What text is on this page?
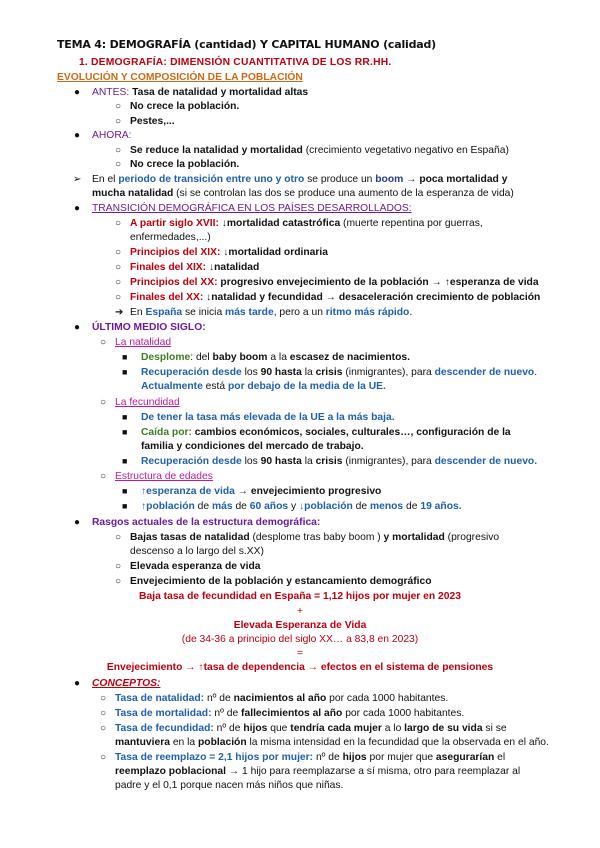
TEMA 4: DEMOGRAFÍA (cantidad) Y CAPITAL HUMANO (calidad)
1. DEMOGRAFÍA: DIMENSIÓN CUANTITATIVA DE LOS RR.HH.
EVOLUCIÓN Y COMPOSICIÓN DE LA POBLACIÓN
● ANTES: Tasa de natalidad y mortalidad altas
○ No crece la población.
○ Pestes,...
● AHORA:
○ Se reduce la natalidad y mortalidad (crecimiento vegetativo negativo en España)
○ No crece la población.
➢ En el periodo de transición entre uno y otro se produce un boom → poca mortalidad y
mucha natalidad (si se controlan las dos se produce una aumento de la esperanza de vida)
● TRANSICIÓN DEMOGRÁFICA EN LOS PAÍSES DESARROLLADOS:
○ A partir siglo XVII: ↓mortalidad catastrófica (muerte repentina por guerras,
enfermedades,...)
○ Principios del XIX: ↓mortalidad ordinaria
○ Finales del XIX: ↓natalidad
○ Principios del XX: progresivo envejecimiento de la población → ↑esperanza de vida
○ Finales del XX: ↓natalidad y fecundidad → desaceleración crecimiento de población
➔ En España se inicia más tarde, pero a un ritmo más rápido.
● ÚLTIMO MEDIO SIGLO:
○ La natalidad
■ Desplome: del baby boom a la escasez de nacimientos.
■ Recuperación desde los 90 hasta la crisis (inmigrantes), para descender de nuevo.
Actualmente está por debajo de la media de la UE.
○ La fecundidad
■ De tener la tasa más elevada de la UE a la más baja.
■ Caída por: cambios económicos, sociales, culturales…, configuración de la
familia y condiciones del mercado de trabajo.
■ Recuperación desde los 90 hasta la crisis (inmigrantes), para descender de nuevo.
○ Estructura de edades
■ ↑esperanza de vida → envejecimiento progresivo
■ ↑población de más de 60 años y ↓población de menos de 19 años.
● Rasgos actuales de la estructura demográfica:
○ Bajas tasas de natalidad (desplome tras baby boom ) y mortalidad (progresivo
descenso a lo largo del s.XX)
○ Elevada esperanza de vida
○ Envejecimiento de la población y estancamiento demográfico
Baja tasa de fecundidad en España = 1,12 hijos por mujer en 2023
+
Elevada Esperanza de Vida
(de 34-36 a principio del siglo XX… a 83,8 en 2023)
=
Envejecimiento → ↑tasa de dependencia → efectos en el sistema de pensiones
● CONCEPTOS:
○ Tasa de natalidad: nº de nacimientos al año por cada 1000 habitantes.
○ Tasa de mortalidad: nº de fallecimientos al año por cada 1000 habitantes.
○ Tasa de fecundidad: nº de hijos que tendría cada mujer a lo largo de su vida si se
mantuviera en la población la misma intensidad en la fecundidad que la observada en el año.
○ Tasa de reemplazo = 2,1 hijos por mujer: nº de hijos por mujer que asegurarían el
reemplazo poblacional → 1 hijo para reemplazarse a sí misma, otro para reemplazar al
padre y el 0,1 porque nacen más niños que niñas.
